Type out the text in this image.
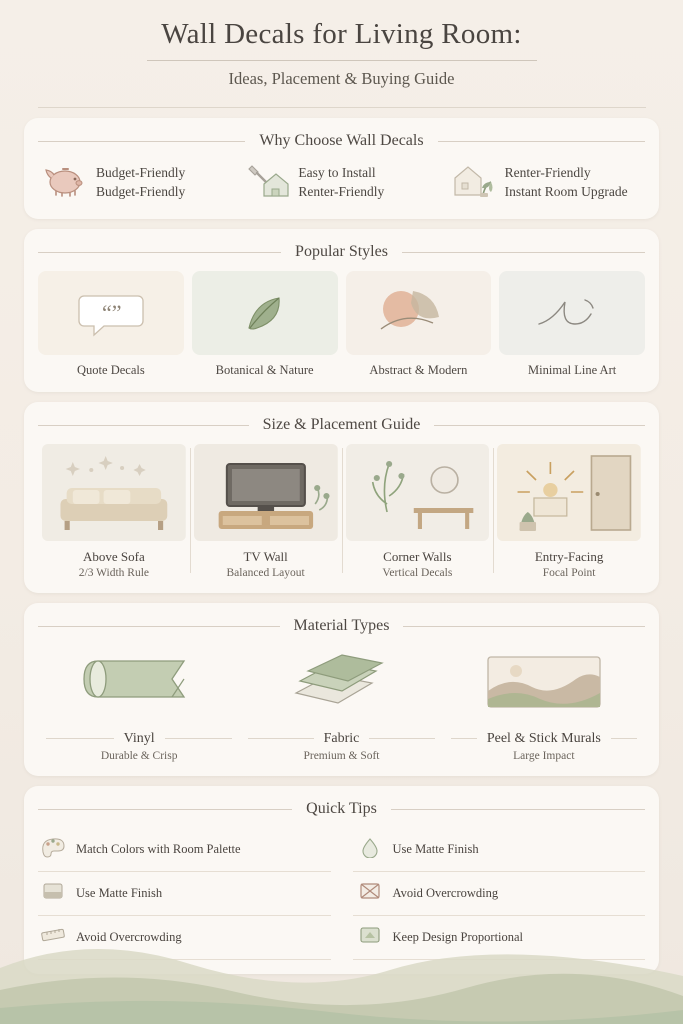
Wall Decals for Living Room:
Ideas, Placement & Buying Guide
Why Choose Wall Decals
Budget-Friendly
Budget-Friendly
Easy to Install
Renter-Friendly
Renter-Friendly
Instant Room Upgrade
Popular Styles
“”
Quote Decals	Botanical & Nature	Abstract & Modern	Minimal Line Art
Size & Placement Guide
Above Sofa
2/3 Width Rule
TV Wall
Balanced Layout
Corner Walls
Vertical Decals
Entry-Facing
Focal Point
Material Types
Vinyl
Durable & Crisp
Fabric
Premium & Soft
Peel & Stick Murals
Large Impact
Quick Tips
Match Colors with Room Palette
Use Matte Finish
Avoid Overcrowding
Use Matte Finish
Avoid Overcrowding
Keep Design Proportional
